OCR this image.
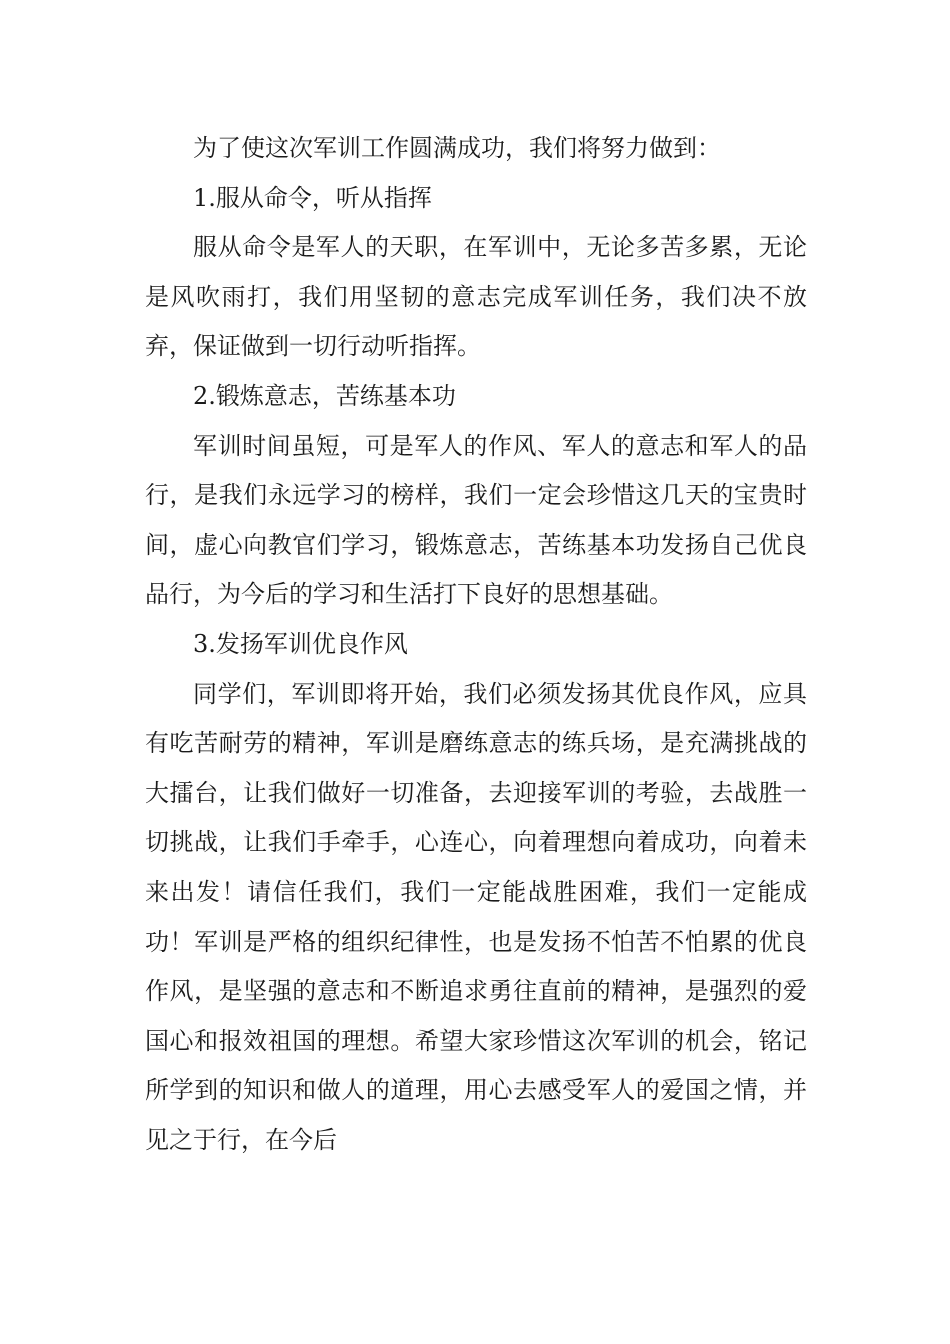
为了使这次军训工作圆满成功，我们将努力做到：

1.服从命令，听从指挥

服从命令是军人的天职，在军训中，无论多苦多累，无论是风吹雨打，我们用坚韧的意志完成军训任务，我们决不放弃，保证做到一切行动听指挥。

2.锻炼意志，苦练基本功

军训时间虽短，可是军人的作风、军人的意志和军人的品行，是我们永远学习的榜样，我们一定会珍惜这几天的宝贵时间，虚心向教官们学习，锻炼意志，苦练基本功发扬自己优良品行，为今后的学习和生活打下良好的思想基础。

3.发扬军训优良作风

同学们，军训即将开始，我们必须发扬其优良作风，应具有吃苦耐劳的精神，军训是磨练意志的练兵场，是充满挑战的大擂台，让我们做好一切准备，去迎接军训的考验，去战胜一切挑战，让我们手牵手，心连心，向着理想向着成功，向着未来出发！请信任我们，我们一定能战胜困难，我们一定能成功！军训是严格的组织纪律性，也是发扬不怕苦不怕累的优良作风，是坚强的意志和不断追求勇往直前的精神，是强烈的爱国心和报效祖国的理想。希望大家珍惜这次军训的机会，铭记所学到的知识和做人的道理，用心去感受军人的爱国之情，并见之于行，在今后
